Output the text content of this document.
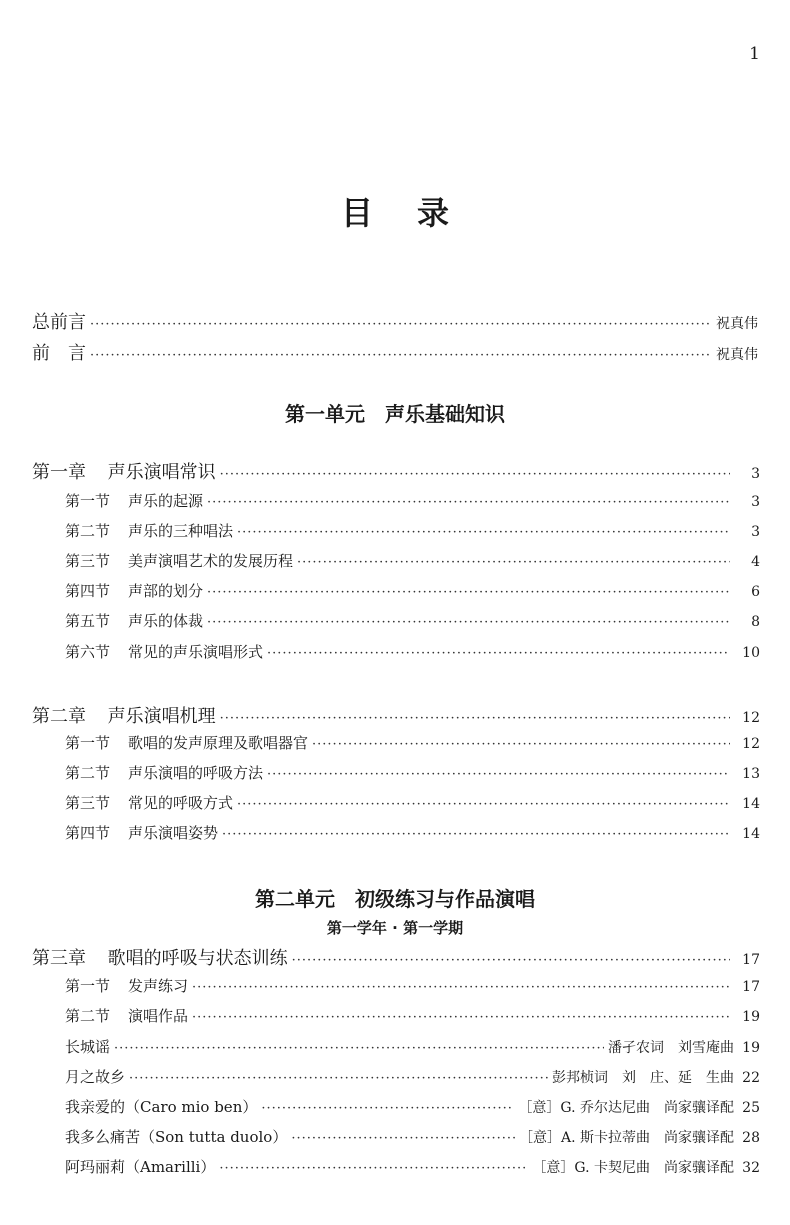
1
目录
总前言 ·····	祝真伟
前　言 ·····	祝真伟
第一单元　声乐基础知识
第一章 声乐演唱常识 ·····	3
第一节 声乐的起源 ·····	3
第二节 声乐的三种唱法 ·····	3
第三节 美声演唱艺术的发展历程 ·····	4
第四节 声部的划分 ·····	6
第五节 声乐的体裁 ·····	8
第六节 常见的声乐演唱形式 ·····	10
第二章 声乐演唱机理 ·····	12
第一节 歌唱的发声原理及歌唱器官 ·····	12
第二节 声乐演唱的呼吸方法 ·····	13
第三节 常见的呼吸方式 ·····	14
第四节 声乐演唱姿势 ·····	14
第二单元　初级练习与作品演唱
第一学年 · 第一学期
第三章 歌唱的呼吸与状态训练 ·····	17
第一节 发声练习 ·····	17
第二节 演唱作品 ·····	19
长城谣 ·····	潘孑农词　刘雪庵曲 19
月之故乡 ·····	彭邦桢词　刘　庄、延　生曲 22
我亲爱的（Caro mio ben） ·····	［意］G. 乔尔达尼曲　尚家骧译配 25
我多么痛苦（Son tutta duolo） ·····	［意］A. 斯卡拉蒂曲　尚家骧译配 28
阿玛丽莉（Amarilli） ·····	［意］G. 卡契尼曲　尚家骧译配 32
